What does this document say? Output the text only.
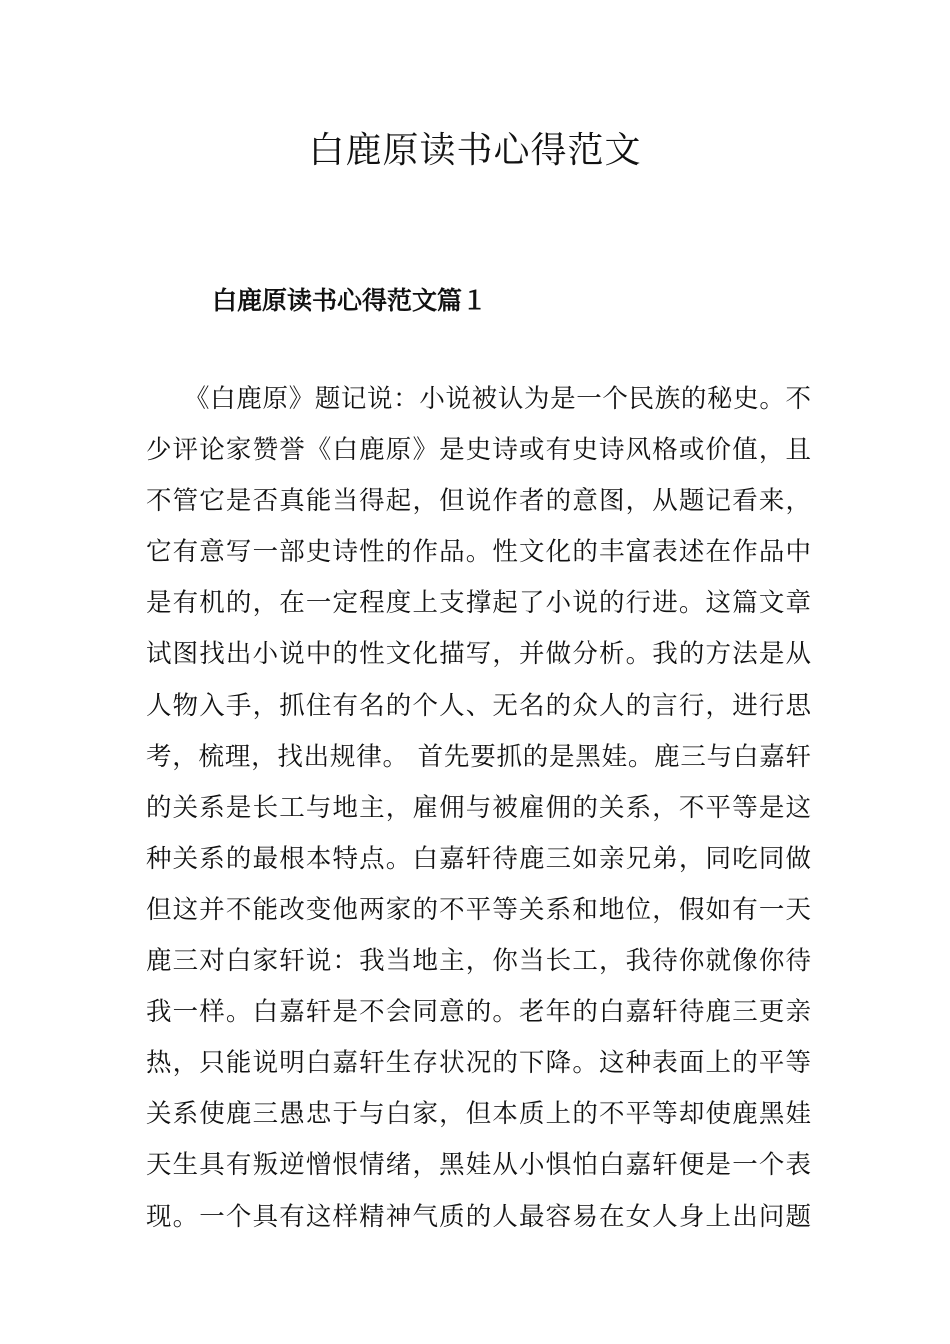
白鹿原读书心得范文
白鹿原读书心得范文篇１
《白鹿原》题记说：小说被认为是一个民族的秘史。不
少评论家赞誉《白鹿原》是史诗或有史诗风格或价值，且
不管它是否真能当得起，但说作者的意图，从题记看来，
它有意写一部史诗性的作品。性文化的丰富表述在作品中
是有机的，在一定程度上支撑起了小说的行进。这篇文章
试图找出小说中的性文化描写，并做分析。我的方法是从
人物入手，抓住有名的个人、无名的众人的言行，进行思
考，梳理，找出规律。 首先要抓的是黑娃。鹿三与白嘉轩
的关系是长工与地主，雇佣与被雇佣的关系，不平等是这
种关系的最根本特点。白嘉轩待鹿三如亲兄弟，同吃同做
但这并不能改变他两家的不平等关系和地位，假如有一天
鹿三对白家轩说：我当地主，你当长工，我待你就像你待
我一样。白嘉轩是不会同意的。老年的白嘉轩待鹿三更亲
热，只能说明白嘉轩生存状况的下降。这种表面上的平等
关系使鹿三愚忠于与白家，但本质上的不平等却使鹿黑娃
天生具有叛逆憎恨情绪，黑娃从小惧怕白嘉轩便是一个表
现。一个具有这样精神气质的人最容易在女人身上出问题
